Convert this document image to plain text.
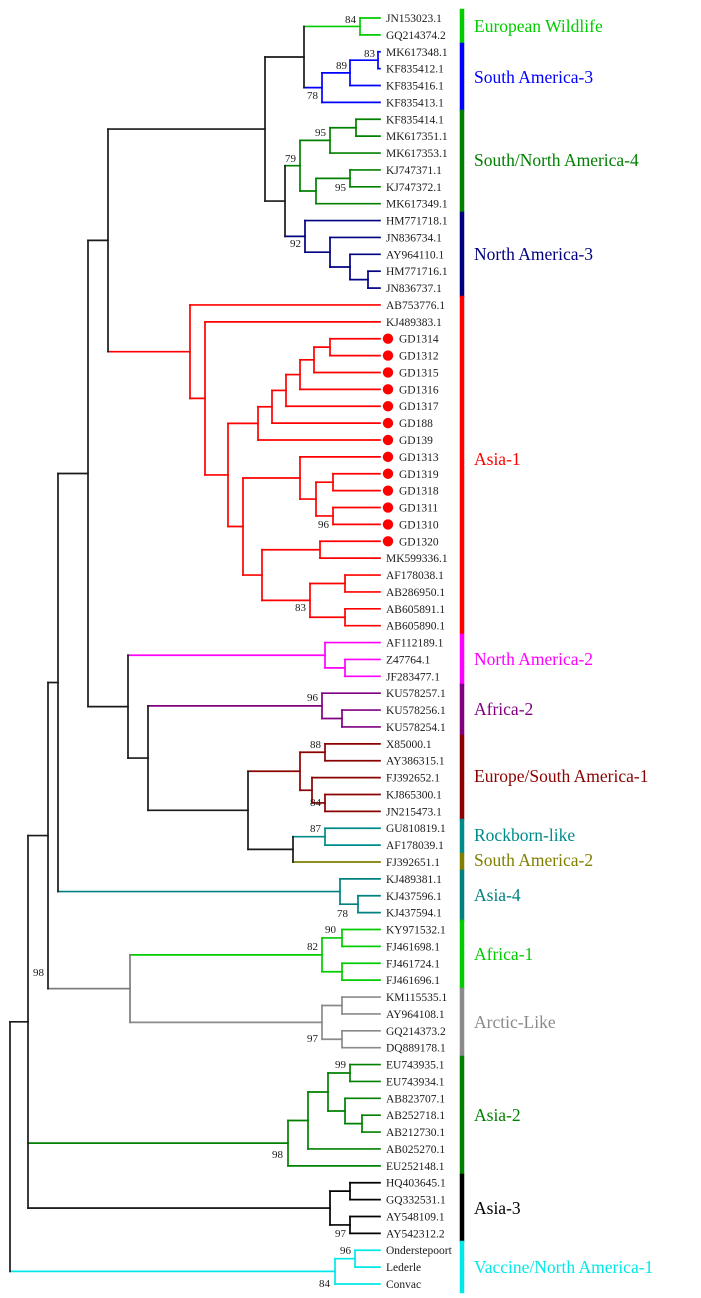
JN153023.1
GQ214374.2
MK617348.1
KF835412.1
KF835416.1
KF835413.1
KF835414.1
MK617351.1
MK617353.1
KJ747371.1
KJ747372.1
MK617349.1
HM771718.1
JN836734.1
AY964110.1
HM771716.1
JN836737.1
AB753776.1
KJ489383.1
GD1314
GD1312
GD1315
GD1316
GD1317
GD188
GD139
GD1313
GD1319
GD1318
GD1311
GD1310
GD1320
MK599336.1
AF178038.1
AB286950.1
AB605891.1
AB605890.1
AF112189.1
Z47764.1
JF283477.1
KU578257.1
KU578256.1
KU578254.1
X85000.1
AY386315.1
FJ392652.1
KJ865300.1
JN215473.1
GU810819.1
AF178039.1
FJ392651.1
KJ489381.1
KJ437596.1
KJ437594.1
KY971532.1
FJ461698.1
FJ461724.1
FJ461696.1
KM115535.1
AY964108.1
GQ214373.2
DQ889178.1
EU743935.1
EU743934.1
AB823707.1
AB252718.1
AB212730.1
AB025270.1
EU252148.1
HQ403645.1
GQ332531.1
AY548109.1
AY542312.2
Onderstepoort
Lederle
Convac
European Wildlife
South America-3
South/North America-4
North America-3
Asia-1
North America-2
Africa-2
Europe/South America-1
Rockborn-like
South America-2
Asia-4
Africa-1
Arctic-Like
Asia-2
Asia-3
Vaccine/North America-1
84
83
89
78
95
79
95
92
96
83
96
88
84
87
78
90
82
97
99
98
97
96
84
98
